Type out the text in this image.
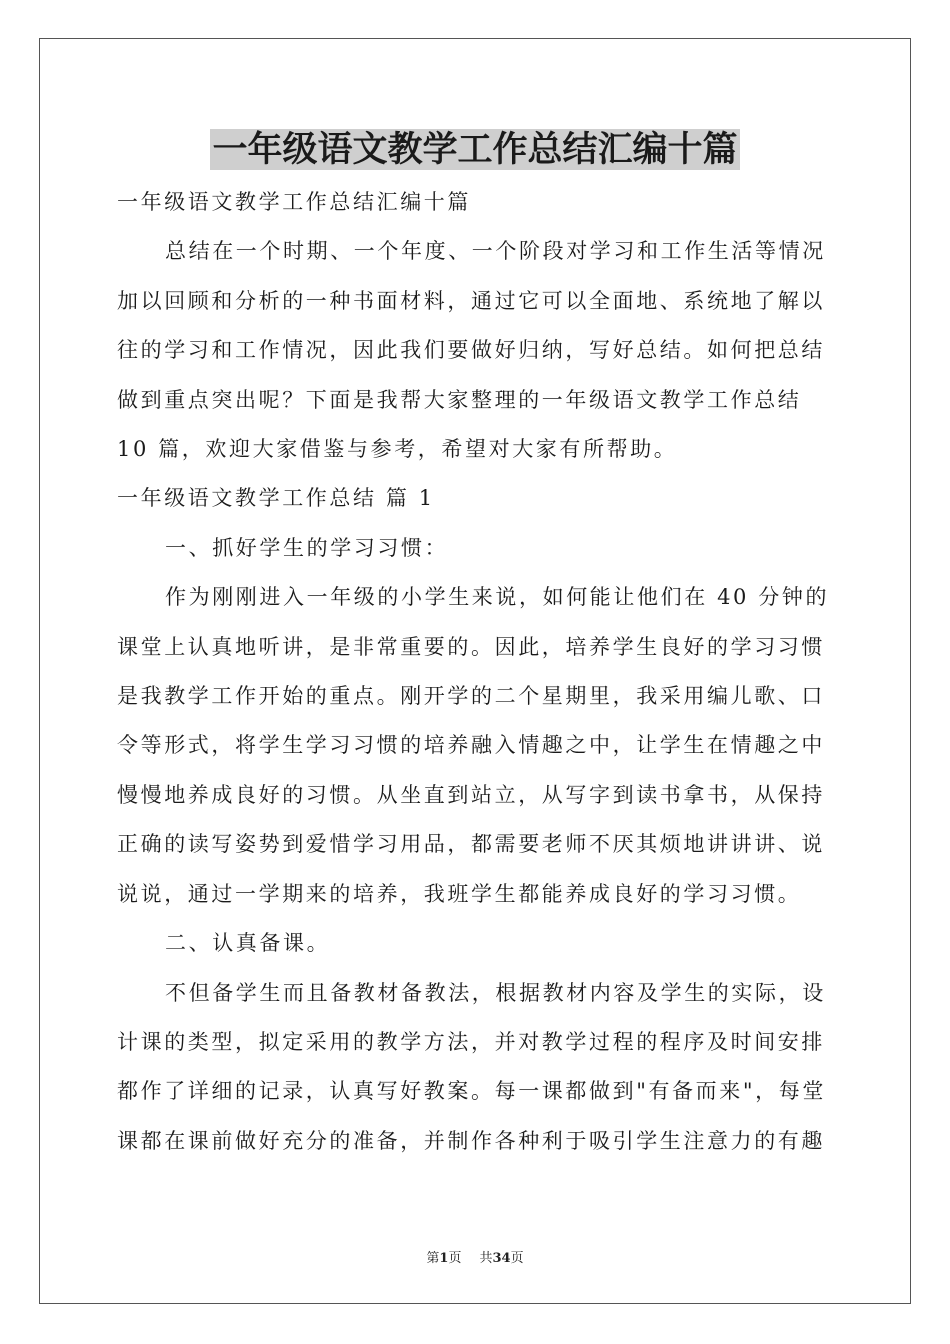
一年级语文教学工作总结汇编十篇

一年级语文教学工作总结汇编十篇

总结在一个时期、一个年度、一个阶段对学习和工作生活等情况

加以回顾和分析的一种书面材料，通过它可以全面地、系统地了解以

往的学习和工作情况，因此我们要做好归纳，写好总结。如何把总结

做到重点突出呢？下面是我帮大家整理的一年级语文教学工作总结

10 篇，欢迎大家借鉴与参考，希望对大家有所帮助。

一年级语文教学工作总结 篇 1

一、抓好学生的学习习惯：

作为刚刚进入一年级的小学生来说，如何能让他们在 40 分钟的

课堂上认真地听讲，是非常重要的。因此，培养学生良好的学习习惯

是我教学工作开始的重点。刚开学的二个星期里，我采用编儿歌、口

令等形式，将学生学习习惯的培养融入情趣之中，让学生在情趣之中

慢慢地养成良好的习惯。从坐直到站立，从写字到读书拿书，从保持

正确的读写姿势到爱惜学习用品，都需要老师不厌其烦地讲讲讲、说

说说，通过一学期来的培养，我班学生都能养成良好的学习习惯。

二、认真备课。

不但备学生而且备教材备教法，根据教材内容及学生的实际，设

计课的类型，拟定采用的教学方法，并对教学过程的程序及时间安排

都作了详细的记录，认真写好教案。每一课都做到"有备而来"，每堂

课都在课前做好充分的准备，并制作各种利于吸引学生注意力的有趣

第1页 共34页
